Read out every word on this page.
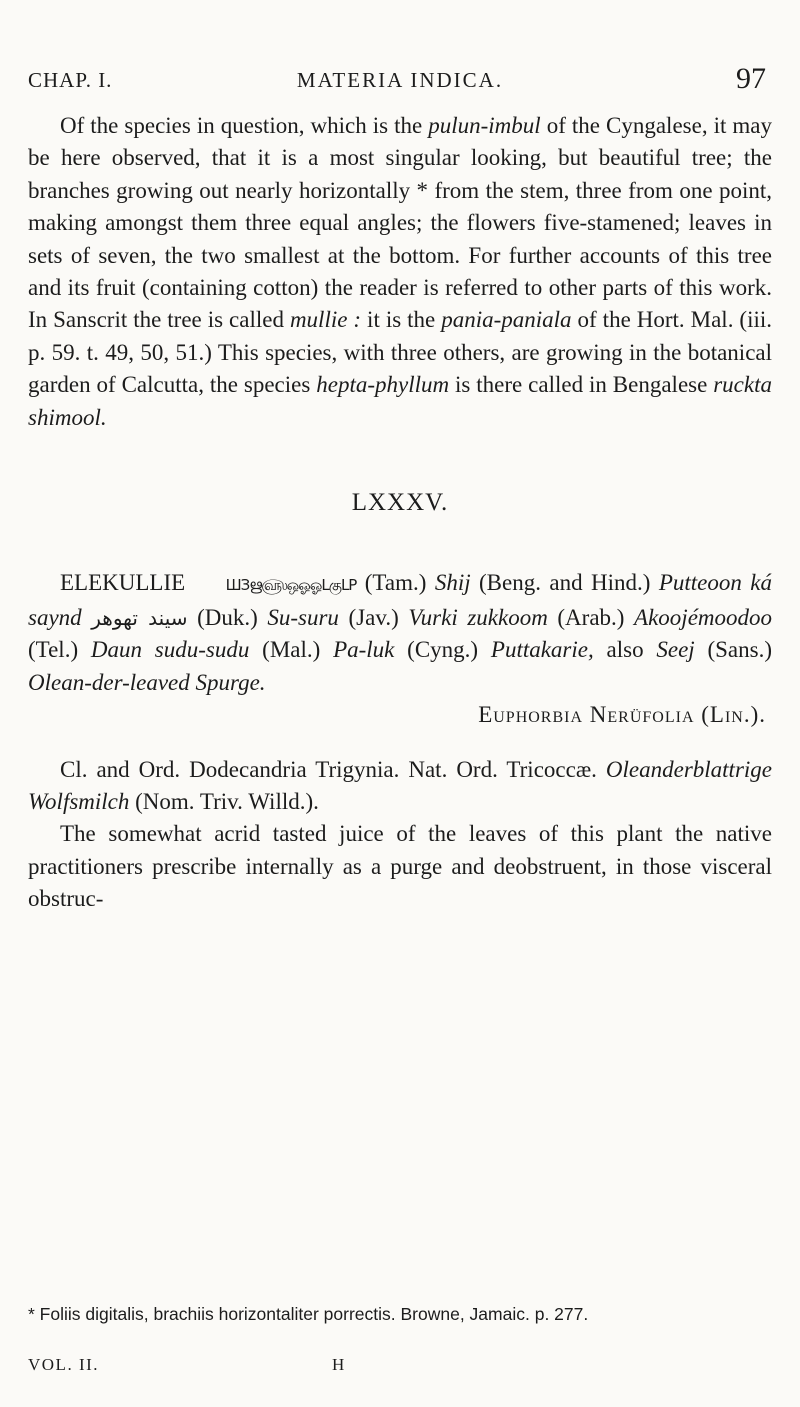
CHAP. I.	MATERIA INDICA.	97

Of the species in question, which is the pulun-imbul of the Cyngalese, it may be here observed, that it is a most singular looking, but beautiful tree; the branches growing out nearly horizontally * from the stem, three from one point, making amongst them three equal angles; the flowers five-stamened; leaves in sets of seven, the two smallest at the bottom. For further accounts of this tree and its fruit (containing cotton) the reader is referred to other parts of this work. In Sanscrit the tree is called mullie : it is the pania-paniala of the Hort. Mal. (iii. p. 59. t. 49, 50, 51.) This species, with three others, are growing in the botanical garden of Calcutta, the species hepta-phyllum is there called in Bengalese ruckta shimool.

LXXXV.

ELEKULLIE	ШЗഋ௵ஒஓஓLகுLP (Tam.) Shij (Beng. and Hind.) Putteoon ká saynd سيند تهوهر (Duk.) Su-suru (Jav.) Vurki zukkoom (Arab.) Akoojémoodoo (Tel.) Daun sudu-sudu (Mal.) Pa-luk (Cyng.) Puttakarie, also Seej (Sans.) Olean-der-leaved Spurge.

Euphorbia Nerüfolia (Lin.).

Cl. and Ord. Dodecandria Trigynia. Nat. Ord. Tricoccæ. Oleanderblattrige Wolfsmilch (Nom. Triv. Willd.).

The somewhat acrid tasted juice of the leaves of this plant the native practitioners prescribe internally as a purge and deobstruent, in those visceral obstruc-

* Foliis digitalis, brachiis horizontaliter porrectis. Browne, Jamaic. p. 277.
VOL. II.	H
